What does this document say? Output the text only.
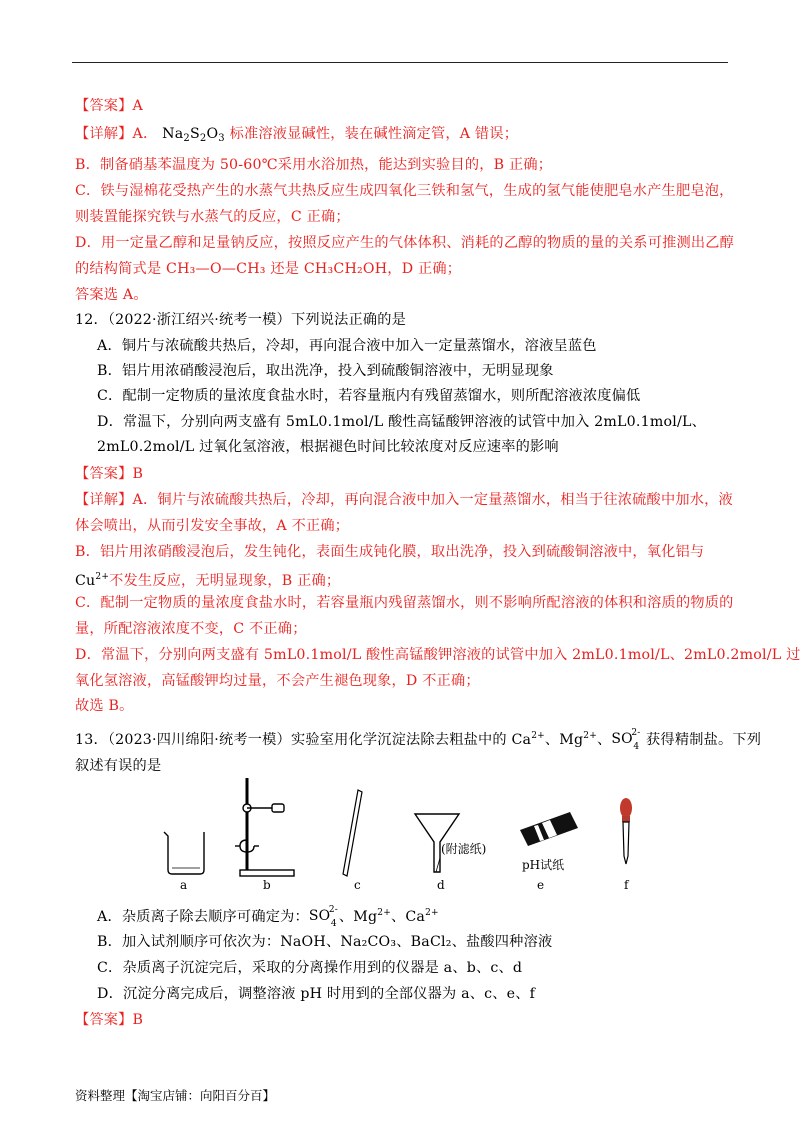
【答案】A
【详解】A． $Na_2S_2O_3$ 标准溶液显碱性，装在碱性滴定管，A 错误；
B．制备硝基苯温度为 50-60℃采用水浴加热，能达到实验目的，B 正确；
C．铁与湿棉花受热产生的水蒸气共热反应生成四氧化三铁和氢气，生成的氢气能使肥皂水产生肥皂泡，
则装置能探究铁与水蒸气的反应，C 正确；
D．用一定量乙醇和足量钠反应，按照反应产生的气体体积、消耗的乙醇的物质的量的关系可推测出乙醇
的结构简式是 CH₃—O—CH₃ 还是 CH₃CH₂OH，D 正确；
答案选 A。
12．（2022·浙江绍兴·统考一模）下列说法正确的是
A．铜片与浓硫酸共热后，冷却，再向混合液中加入一定量蒸馏水，溶液呈蓝色
B．铝片用浓硝酸浸泡后，取出洗净，投入到硫酸铜溶液中，无明显现象
C．配制一定物质的量浓度食盐水时，若容量瓶内有残留蒸馏水，则所配溶液浓度偏低
D．常温下，分别向两支盛有 5mL0.1mol/L 酸性高锰酸钾溶液的试管中加入 2mL0.1mol/L、
2mL0.2mol/L 过氧化氢溶液，根据褪色时间比较浓度对反应速率的影响
【答案】B
【详解】A．铜片与浓硫酸共热后，冷却，再向混合液中加入一定量蒸馏水，相当于往浓硫酸中加水，液
体会喷出，从而引发安全事故，A 不正确；
B．铝片用浓硝酸浸泡后，发生钝化，表面生成钝化膜，取出洗净，投入到硫酸铜溶液中，氧化铝与
$Cu^{2+}$不发生反应，无明显现象，B 正确；
C．配制一定物质的量浓度食盐水时，若容量瓶内残留蒸馏水，则不影响所配溶液的体积和溶质的物质的
量，所配溶液浓度不变，C 不正确；
D．常温下，分别向两支盛有 5mL0.1mol/L 酸性高锰酸钾溶液的试管中加入 2mL0.1mol/L、2mL0.2mol/L 过
氧化氢溶液，高锰酸钾均过量，不会产生褪色现象，D 不正确；
故选 B。
13．（2023·四川绵阳·统考一模）实验室用化学沉淀法除去粗盐中的 $Ca^{2+}$、$Mg^{2+}$、 SO
2-
4 获得精制盐。下列
叙述有误的是
a	b	c	d
(附滤纸)
pH试纸
e	f
A．杂质离子除去顺序可确定为： SO
2-
4 、$Mg^{2+}$、$Ca^{2+}$
B．加入试剂顺序可依次为：NaOH、Na₂CO₃、BaCl₂、盐酸四种溶液
C．杂质离子沉淀完后，采取的分离操作用到的仪器是 a、b、c、d
D．沉淀分离完成后，调整溶液 pH 时用到的全部仪器为 a、c、e、f
【答案】B
资料整理【淘宝店铺：向阳百分百】
